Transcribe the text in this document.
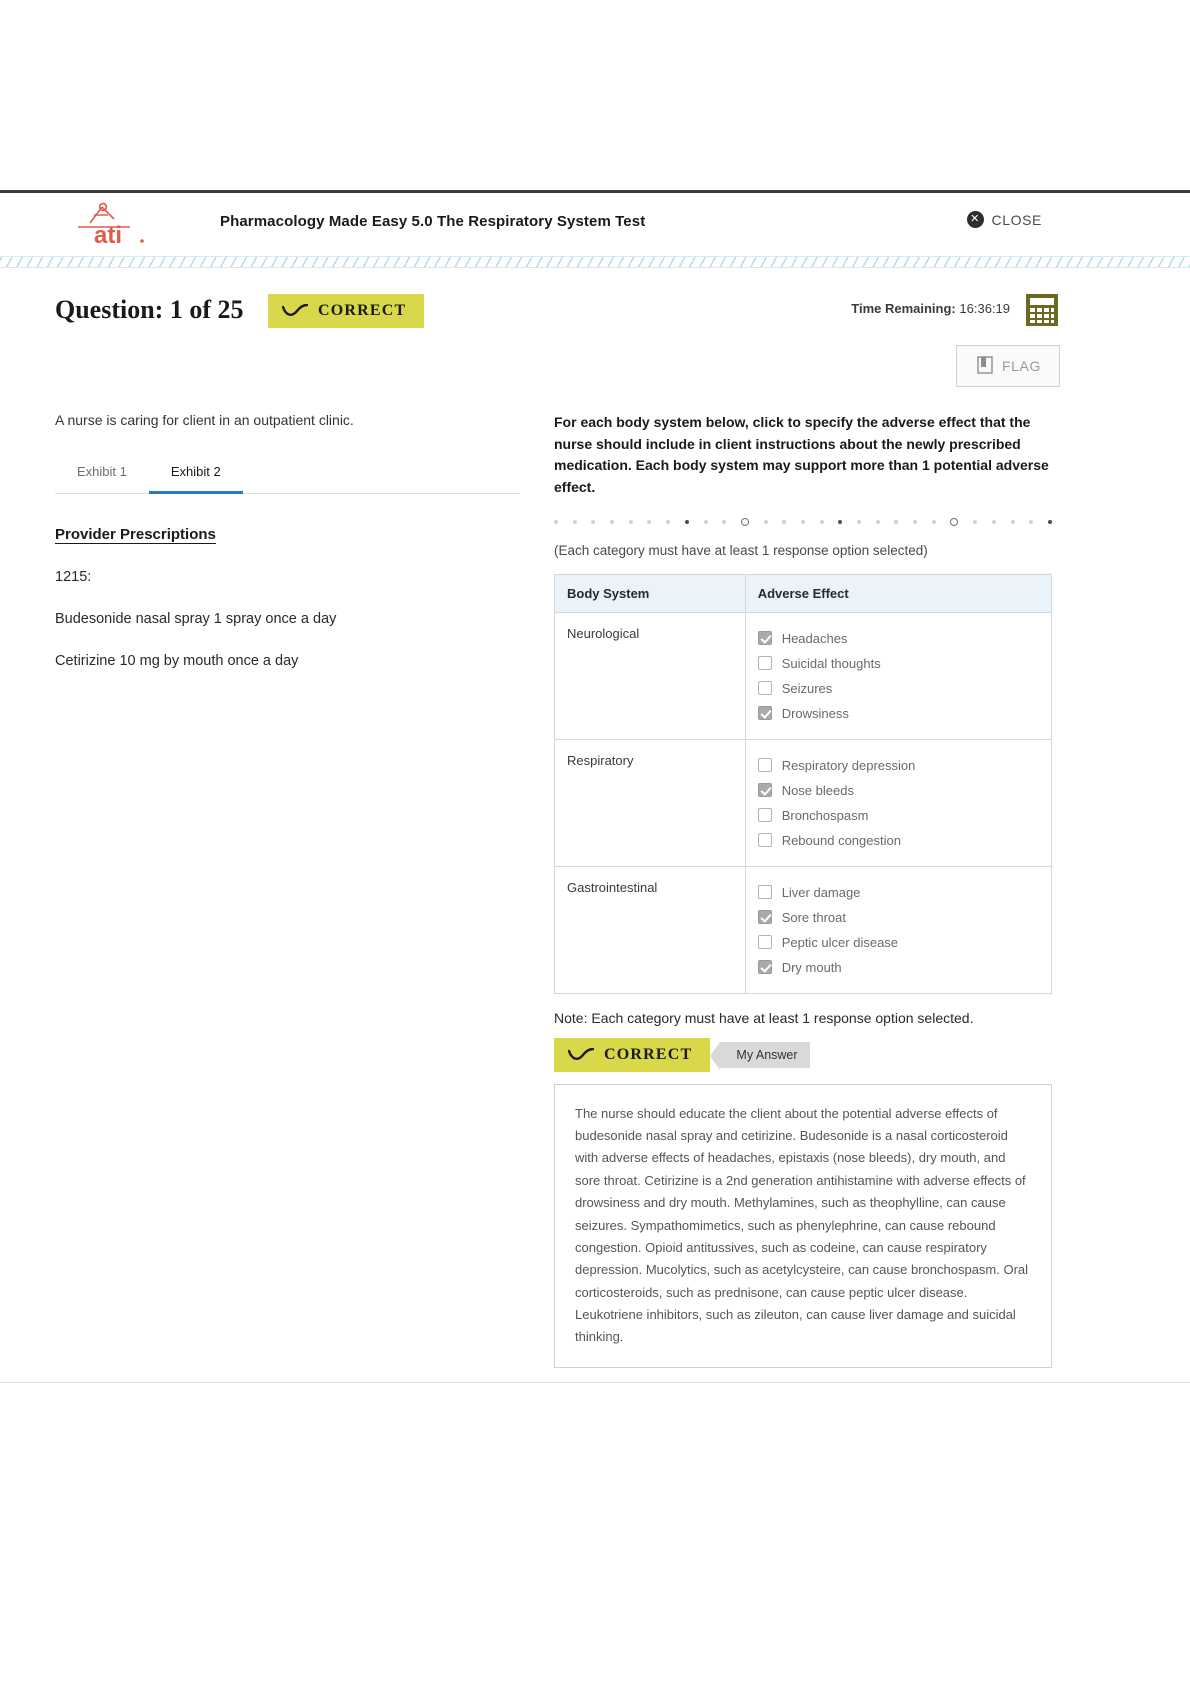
ati
Pharmacology Made Easy 5.0 The Respiratory System Test	✕ CLOSE
Question: 1 of 25	CORRECT	Time Remaining: 16:36:19
FLAG
A nurse is caring for client in an outpatient clinic.
Exhibit 1	Exhibit 2
Provider Prescriptions
1215:
Budesonide nasal spray 1 spray once a day
Cetirizine 10 mg by mouth once a day
For each body system below, click to specify the adverse effect that the nurse should include in client instructions about the newly prescribed medication. Each body system may support more than 1 potential adverse effect.
(Each category must have at least 1 response option selected)
Body System	Adverse Effect
Neurological	Headaches
Suicidal thoughts
Seizures
Drowsiness

Respiratory	Respiratory depression
Nose bleeds
Bronchospasm
Rebound congestion

Gastrointestinal	Liver damage
Sore throat
Peptic ulcer disease
Dry mouth
Note: Each category must have at least 1 response option selected.
CORRECT	My Answer
The nurse should educate the client about the potential adverse effects of budesonide nasal spray and cetirizine. Budesonide is a nasal corticosteroid with adverse effects of headaches, epistaxis (nose bleeds), dry mouth, and sore throat. Cetirizine is a 2nd generation antihistamine with adverse effects of drowsiness and dry mouth. Methylamines, such as theophylline, can cause seizures. Sympathomimetics, such as phenylephrine, can cause rebound congestion. Opioid antitussives, such as codeine, can cause respiratory depression. Mucolytics, such as acetylcysteire, can cause bronchospasm. Oral corticosteroids, such as prednisone, can cause peptic ulcer disease. Leukotriene inhibitors, such as zileuton, can cause liver damage and suicidal thinking.
